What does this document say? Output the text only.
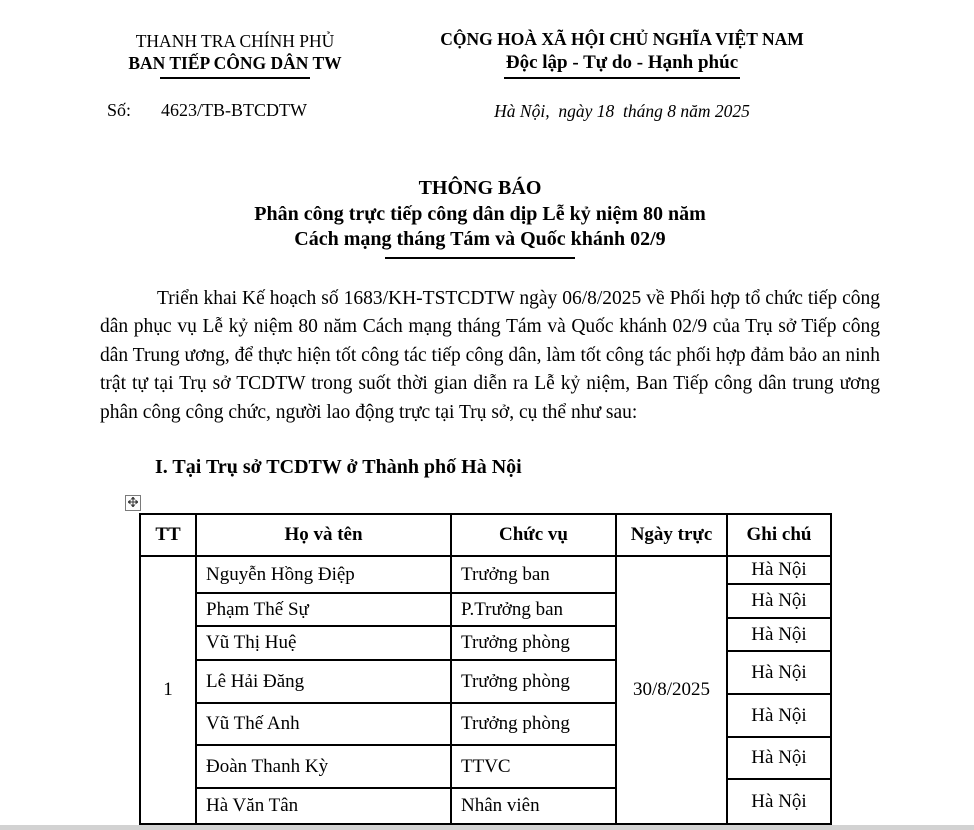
THANH TRA CHÍNH PHỦ
BAN TIẾP CÔNG DÂN TW
Số: 4623/TB-BTCDTW
CỘNG HOÀ XÃ HỘI CHỦ NGHĨA VIỆT NAM
Độc lập - Tự do - Hạnh phúc
Hà Nội,  ngày 18  tháng 8 năm 2025
THÔNG BÁO
Phân công trực tiếp công dân dịp Lễ kỷ niệm 80 năm
Cách mạng tháng Tám và Quốc khánh 02/9
Triển khai Kế hoạch số 1683/KH-TSTCDTW ngày 06/8/2025 về Phối hợp tổ chức tiếp công dân phục vụ Lễ kỷ niệm 80 năm Cách mạng tháng Tám và Quốc khánh 02/9 của Trụ sở Tiếp công dân Trung ương, để thực hiện tốt công tác tiếp công dân, làm tốt công tác phối hợp đảm bảo an ninh trật tự tại Trụ sở TCDTW trong suốt thời gian diễn ra Lễ kỷ niệm, Ban Tiếp công dân trung ương phân công công chức, người lao động trực tại Trụ sở, cụ thể như sau:
I. Tại Trụ sở TCDTW ở Thành phố Hà Nội
TT
1
Họ và tên
Nguyễn Hồng Điệp
Phạm Thế Sự
Vũ Thị Huệ
Lê Hải Đăng
Vũ Thế Anh
Đoàn Thanh Kỳ
Hà Văn Tân
Chức vụ
Trưởng ban
P.Trưởng ban
Trưởng phòng
Trưởng phòng
Trưởng phòng
TTVC
Nhân viên
Ngày trực
30/8/2025
Ghi chú
Hà Nội
Hà Nội
Hà Nội
Hà Nội
Hà Nội
Hà Nội
Hà Nội
